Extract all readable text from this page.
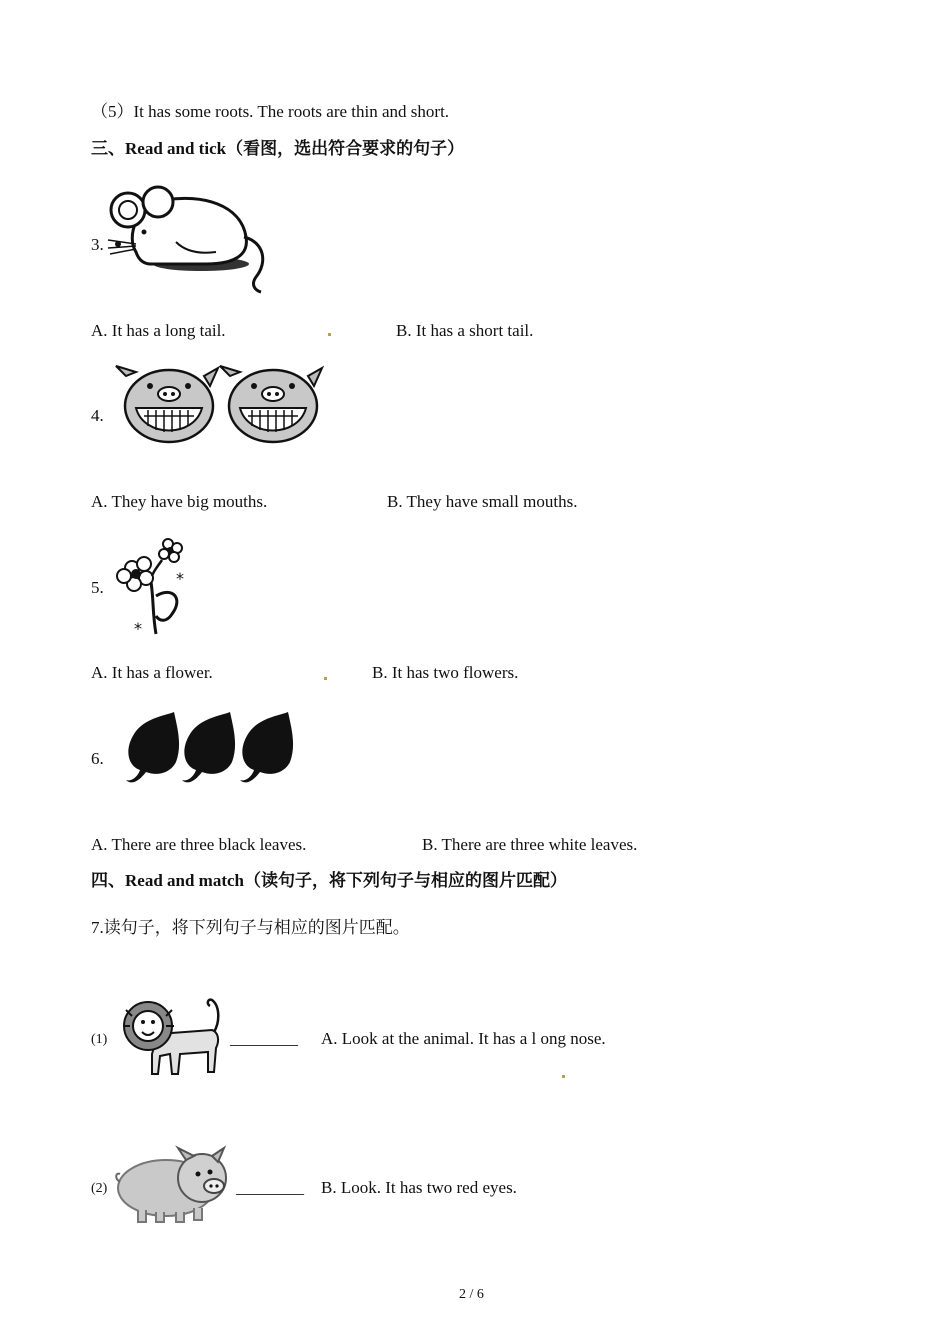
（5）It has some roots. The roots are thin and short.
三、Read and tick（看图，选出符合要求的句子）
3.
A. It has a long tail.	B. It has a short tail.
4.
A. They have big mouths.	B. They have small mouths.
5.	*
*
A. It has a flower.	B. It has two flowers.
6.
A. There are three black leaves.	B. There are three white leaves.
四、Read and match（读句子，将下列句子与相应的图片匹配）
7.读句子，将下列句子与相应的图片匹配。
(1)	________ A. Look at the animal. It has a l ong nose.
(2)	________ B. Look. It has two red eyes.
2 / 6
